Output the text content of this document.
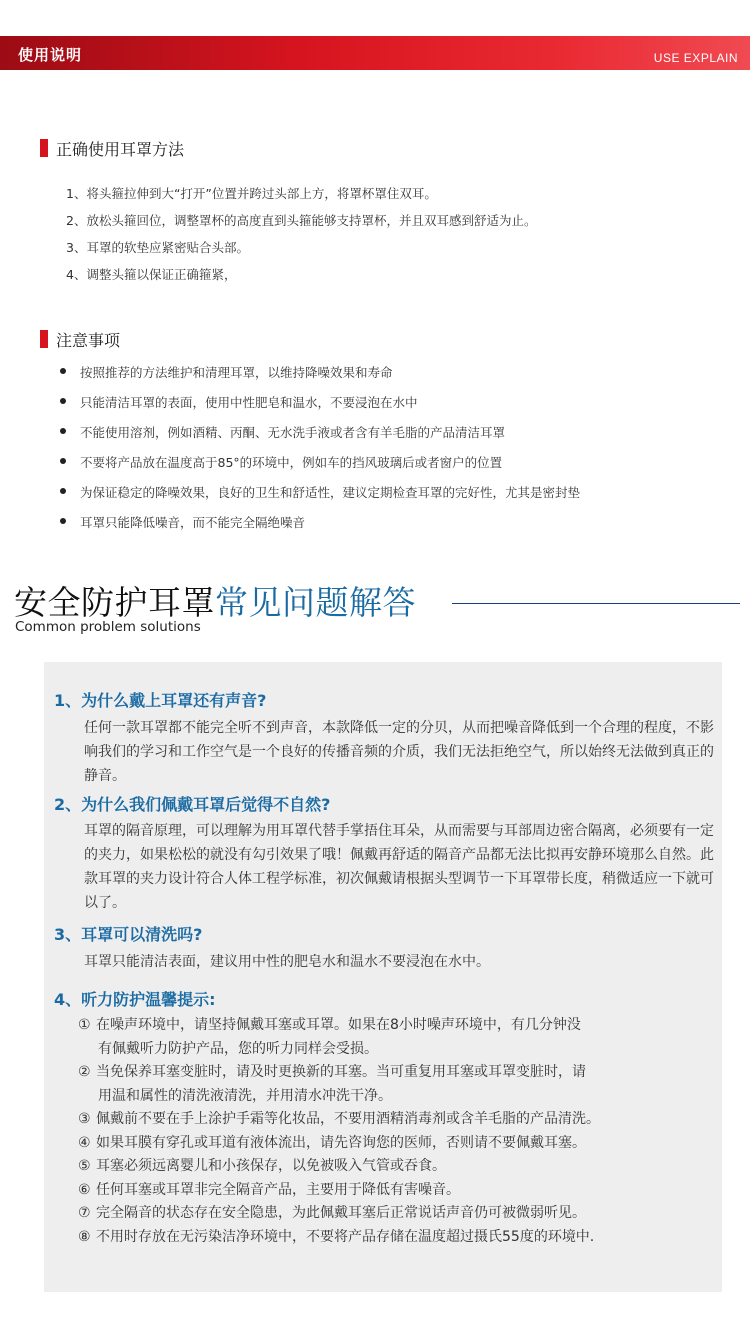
使用说明	USE EXPLAIN
正确使用耳罩方法
1、将头箍拉伸到大“打开”位置并跨过头部上方，将罩杯罩住双耳。
2、放松头箍回位，调整罩杯的高度直到头箍能够支持罩杯，并且双耳感到舒适为止。
3、耳罩的软垫应紧密贴合头部。
4、调整头箍以保证正确箍紧，
注意事项
按照推荐的方法维护和清理耳罩，以维持降噪效果和寿命
只能清洁耳罩的表面，使用中性肥皂和温水，不要浸泡在水中
不能使用溶剂，例如酒精、丙酮、无水洗手液或者含有羊毛脂的产品清洁耳罩
不要将产品放在温度高于85°的环境中，例如车的挡风玻璃后或者窗户的位置
为保证稳定的降噪效果，良好的卫生和舒适性，建议定期检查耳罩的完好性，尤其是密封垫
耳罩只能降低噪音，而不能完全隔绝噪音
安全防护耳罩常见问题解答
Common problem solutions
1、为什么戴上耳罩还有声音?
任何一款耳罩都不能完全听不到声音，本款降低一定的分贝，从而把噪音降低到一个合理的程度，不影响我们的学习和工作空气是一个良好的传播音频的介质，我们无法拒绝空气，所以始终无法做到真正的静音。
2、为什么我们佩戴耳罩后觉得不自然?
耳罩的隔音原理，可以理解为用耳罩代替手掌捂住耳朵，从而需要与耳部周边密合隔离，必须要有一定的夹力，如果松松的就没有勾引效果了哦！佩戴再舒适的隔音产品都无法比拟再安静环境那么自然。此款耳罩的夹力设计符合人体工程学标准，初次佩戴请根据头型调节一下耳罩带长度，稍微适应一下就可以了。
3、耳罩可以清洗吗?
耳罩只能清洁表面，建议用中性的肥皂水和温水不要浸泡在水中。
4、听力防护温馨提示:
① 在噪声环境中，请坚持佩戴耳塞或耳罩。如果在8小时噪声环境中，有几分钟没
有佩戴听力防护产品，您的听力同样会受损。
② 当免保养耳塞变脏时，请及时更换新的耳塞。当可重复用耳塞或耳罩变脏时，请
用温和属性的清洗液清洗，并用清水冲洗干净。
③ 佩戴前不要在手上涂护手霜等化妆品，不要用酒精消毒剂或含羊毛脂的产品清洗。
④ 如果耳膜有穿孔或耳道有液体流出，请先咨询您的医师，否则请不要佩戴耳塞。
⑤ 耳塞必须远离婴儿和小孩保存，以免被吸入气管或吞食。
⑥ 任何耳塞或耳罩非完全隔音产品，主要用于降低有害噪音。
⑦ 完全隔音的状态存在安全隐患，为此佩戴耳塞后正常说话声音仍可被微弱听见。
⑧ 不用时存放在无污染洁净环境中，不要将产品存储在温度超过摄氏55度的环境中.
